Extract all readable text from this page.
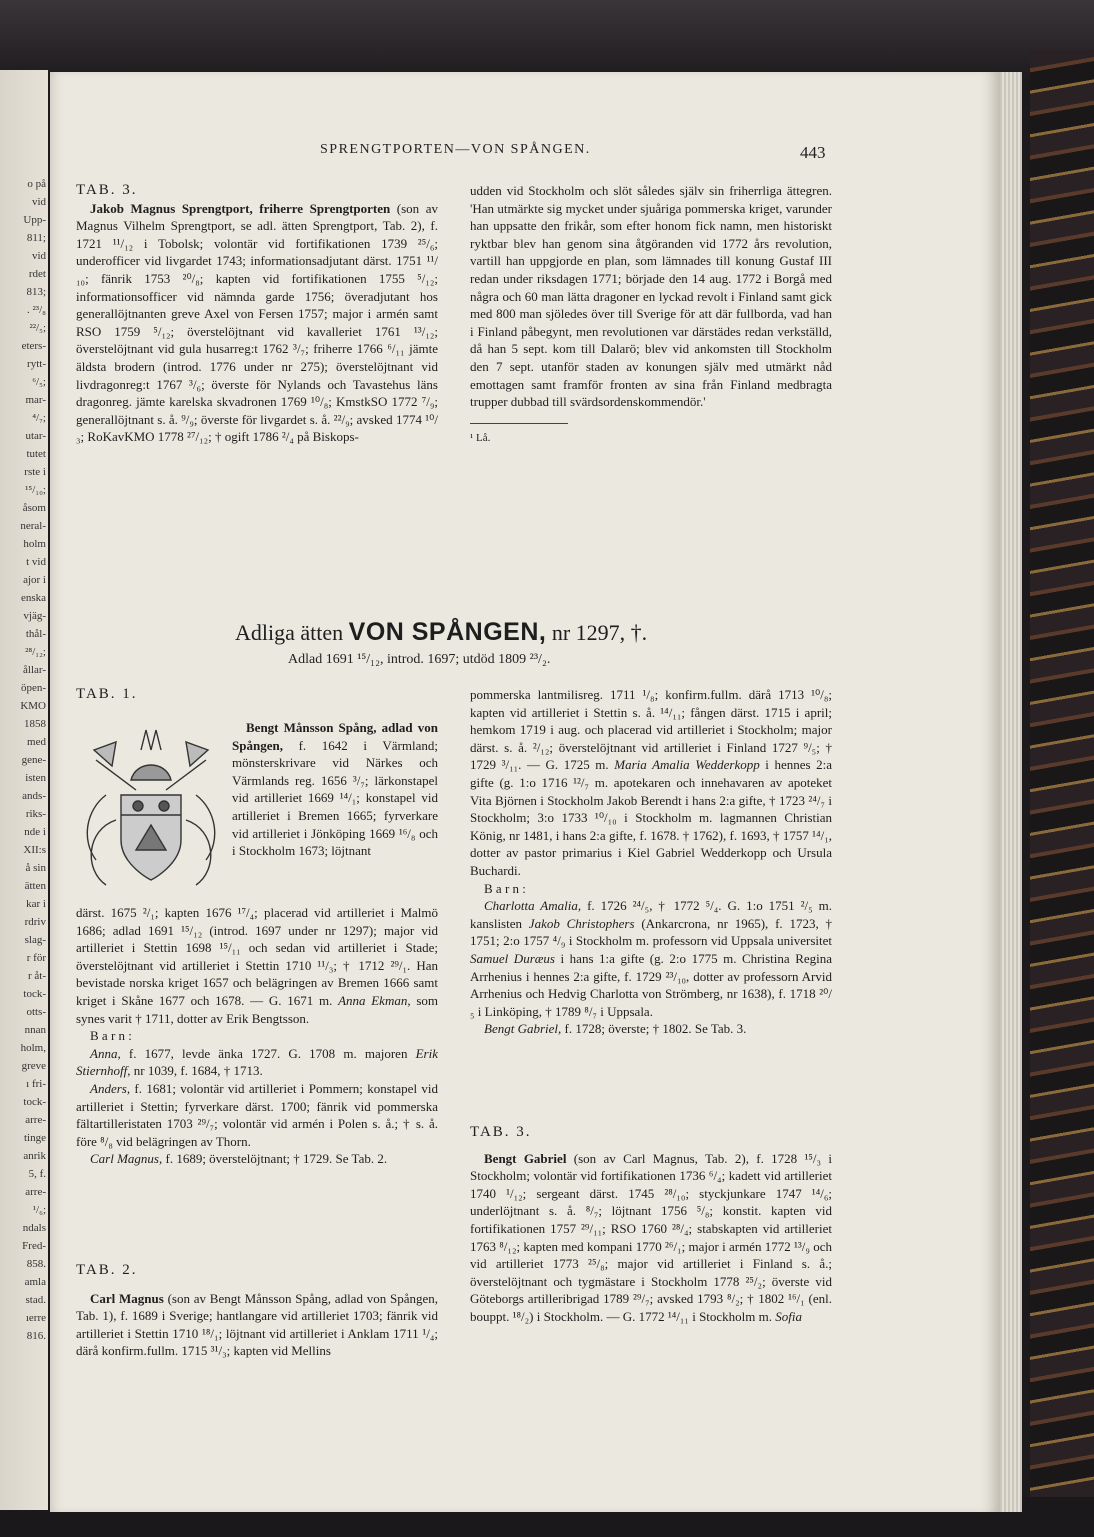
o på
vid
Upp-
811;
vid
rdet
813;
. ²³/₈
²²/₅;
eters-
rytt-
⁶/₅;
mar-
⁴/₇;
utar-
tutet
rste i
¹⁵/₁₀;
åsom
neral-
holm
t vid
ajor i
enska
vjäg-
thål-
²⁸/₁₂;
ållar-
öpen-
KMO
1858
med
gene-
isten
ands-
riks-
nde i
XII:s
å sin
ätten
kar i
rdriv
slag-
r för
r åt-
tock-
otts-
nnan
holm,
greve
ı fri-
tock-
arre-
tinge
anrik
5, f.
arre-
¹/₆;
ndals
Fred-
858.
amla
stad.
ıerre
816.
SPRENGTPORTEN—VON SPÅNGEN.	443

TAB. 3.

Jakob Magnus Sprengtport, friherre Sprengtporten (son av Magnus Vilhelm Sprengtport, se adl. ätten Sprengtport, Tab. 2), f. 1721 ¹¹/₁₂ i Tobolsk; volontär vid fortifikationen 1739 ²⁵/₆; underofficer vid livgardet 1743; informationsadjutant därst. 1751 ¹¹/₁₀; fänrik 1753 ²⁰/₈; kapten vid fortifikationen 1755 ⁵/₁₂; informationsofficer vid nämnda garde 1756; överadjutant hos generallöjtnanten greve Axel von Fersen 1757; major i armén samt RSO 1759 ⁵/₁₂; överstelöjtnant vid kavalleriet 1761 ¹³/₁₂; överstelöjtnant vid gula husarreg:t 1762 ³/₇; friherre 1766 ⁶/₁₁ jämte äldsta brodern (introd. 1776 under nr 275); överstelöjtnant vid livdragonreg:t 1767 ³/₆; överste för Nylands och Tavastehus läns dragonreg. jämte karelska skvadronen 1769 ¹⁰/₈; KmstkSO 1772 ⁷/₉; generallöjtnant s. å. ⁹/₉; överste för livgardet s. å. ²²/₉; avsked 1774 ¹⁰/₃; RoKavKMO 1778 ²⁷/₁₂; † ogift 1786 ²/₄ på Biskops-

udden vid Stockholm och slöt således själv sin friherrliga ättegren. 'Han utmärkte sig mycket under sjuåriga pommerska kriget, varunder han uppsatte den frikår, som efter honom fick namn, men historiskt ryktbar blev han genom sina åtgöranden vid 1772 års revolution, vartill han uppgjorde en plan, som lämnades till konung Gustaf III redan under riksdagen 1771; började den 14 aug. 1772 i Borgå med några och 60 man lätta dragoner en lyckad revolt i Finland samt gick med 800 man sjöledes över till Sverige för att där fullborda, vad han i Finland påbegynt, men revolutionen var därstädes redan verkställd, då han 5 sept. kom till Dalarö; blev vid ankomsten till Stockholm den 7 sept. utanför staden av konungen själv med utmärkt nåd emottagen samt framför fronten av sina från Finland medbragta trupper dubbad till svärdsordenskommendör.'

¹ Lå.

Adliga ätten VON SPÅNGEN, nr 1297, †.
Adlad 1691 ¹⁵/₁₂, introd. 1697; utdöd 1809 ²³/₂.

TAB. 1.

Bengt Månsson Spång, adlad von Spången, f. 1642 i Värmland; mönsterskrivare vid Närkes och Värmlands reg. 1656 ³/₇; lärkonstapel vid artilleriet 1669 ¹⁴/₁; konstapel vid artilleriet i Bremen 1665; fyrverkare vid artilleriet i Jönköping 1669 ¹⁶/₈ och i Stockholm 1673; löjtnant

därst. 1675 ²/₁; kapten 1676 ¹⁷/₄; placerad vid artilleriet i Malmö 1686; adlad 1691 ¹⁵/₁₂ (introd. 1697 under nr 1297); major vid artilleriet i Stettin 1698 ¹⁵/₁₁ och sedan vid artilleriet i Stade; överstelöjtnant vid artilleriet i Stettin 1710 ¹¹/₃; † 1712 ²⁹/₁. Han bevistade norska kriget 1657 och belägringen av Bremen 1666 samt kriget i Skåne 1677 och 1678. — G. 1671 m. Anna Ekman, som synes varit † 1711, dotter av Erik Bengtsson.

B a r n :

Anna, f. 1677, levde änka 1727. G. 1708 m. majoren Erik Stiernhoff, nr 1039, f. 1684, † 1713.

Anders, f. 1681; volontär vid artilleriet i Pommern; konstapel vid artilleriet i Stettin; fyrverkare därst. 1700; fänrik vid pommerska fältartilleristaten 1703 ²⁹/₇; volontär vid armén i Polen s. å.; † s. å. före ⁸/₈ vid belägringen av Thorn.

Carl Magnus, f. 1689; överstelöjtnant; † 1729. Se Tab. 2.

TAB. 2.

Carl Magnus (son av Bengt Månsson Spång, adlad von Spången, Tab. 1), f. 1689 i Sverige; hantlangare vid artilleriet 1703; fänrik vid artilleriet i Stettin 1710 ¹⁸/₁; löjtnant vid artilleriet i Anklam 1711 ¹/₄; därå konfirm.fullm. 1715 ³¹/₃; kapten vid Mellins

pommerska lantmilisreg. 1711 ¹/₈; konfirm.fullm. därå 1713 ¹⁰/₈; kapten vid artilleriet i Stettin s. å. ¹⁴/₁₁; fången därst. 1715 i april; hemkom 1719 i aug. och placerad vid artilleriet i Stockholm; major därst. s. å. ²/₁₂; överstelöjtnant vid artilleriet i Finland 1727 ⁹/₅; † 1729 ³/₁₁. — G. 1725 m. Maria Amalia Wedderkopp i hennes 2:a gifte (g. 1:o 1716 ¹²/₇ m. apotekaren och innehavaren av apoteket Vita Björnen i Stockholm Jakob Berendt i hans 2:a gifte, † 1723 ²⁴/₇ i Stockholm; 3:o 1733 ¹⁰/₁₀ i Stockholm m. lagmannen Christian König, nr 1481, i hans 2:a gifte, f. 1678. † 1762), f. 1693, † 1757 ¹⁴/₁, dotter av pastor primarius i Kiel Gabriel Wedderkopp och Ursula Buchardi.

B a r n :

Charlotta Amalia, f. 1726 ²⁴/₅, † 1772 ⁵/₄. G. 1:o 1751 ²/₅ m. kanslisten Jakob Christophers (Ankarcrona, nr 1965), f. 1723, † 1751; 2:o 1757 ⁴/₉ i Stockholm m. professorn vid Uppsala universitet Samuel Duræus i hans 1:a gifte (g. 2:o 1775 m. Christina Regina Arrhenius i hennes 2:a gifte, f. 1729 ²³/₁₀, dotter av professorn Arvid Arrhenius och Hedvig Charlotta von Strömberg, nr 1638), f. 1718 ²⁰/₅ i Linköping, † 1789 ⁸/₇ i Uppsala.

Bengt Gabriel, f. 1728; överste; † 1802. Se Tab. 3.

TAB. 3.

Bengt Gabriel (son av Carl Magnus, Tab. 2), f. 1728 ¹⁵/₃ i Stockholm; volontär vid fortifikationen 1736 ⁶/₄; kadett vid artilleriet 1740 ¹/₁₂; sergeant därst. 1745 ²⁸/₁₀; styckjunkare 1747 ¹⁴/₆; underlöjtnant s. å. ⁸/₇; löjtnant 1756 ⁵/₈; konstit. kapten vid fortifikationen 1757 ²⁹/₁₁; RSO 1760 ²⁸/₄; stabskapten vid artilleriet 1763 ⁸/₁₂; kapten med kompani 1770 ²⁶/₁; major i armén 1772 ¹³/₉ och vid artilleriet 1773 ²⁵/₈; major vid artilleriet i Finland s. å.; överstelöjtnant och tygmästare i Stockholm 1778 ²⁵/₂; överste vid Göteborgs artilleribrigad 1789 ²⁹/₇; avsked 1793 ⁸/₂; † 1802 ¹⁶/₁ (enl. bouppt. ¹⁸/₂) i Stockholm. — G. 1772 ¹⁴/₁₁ i Stockholm m. Sofia
